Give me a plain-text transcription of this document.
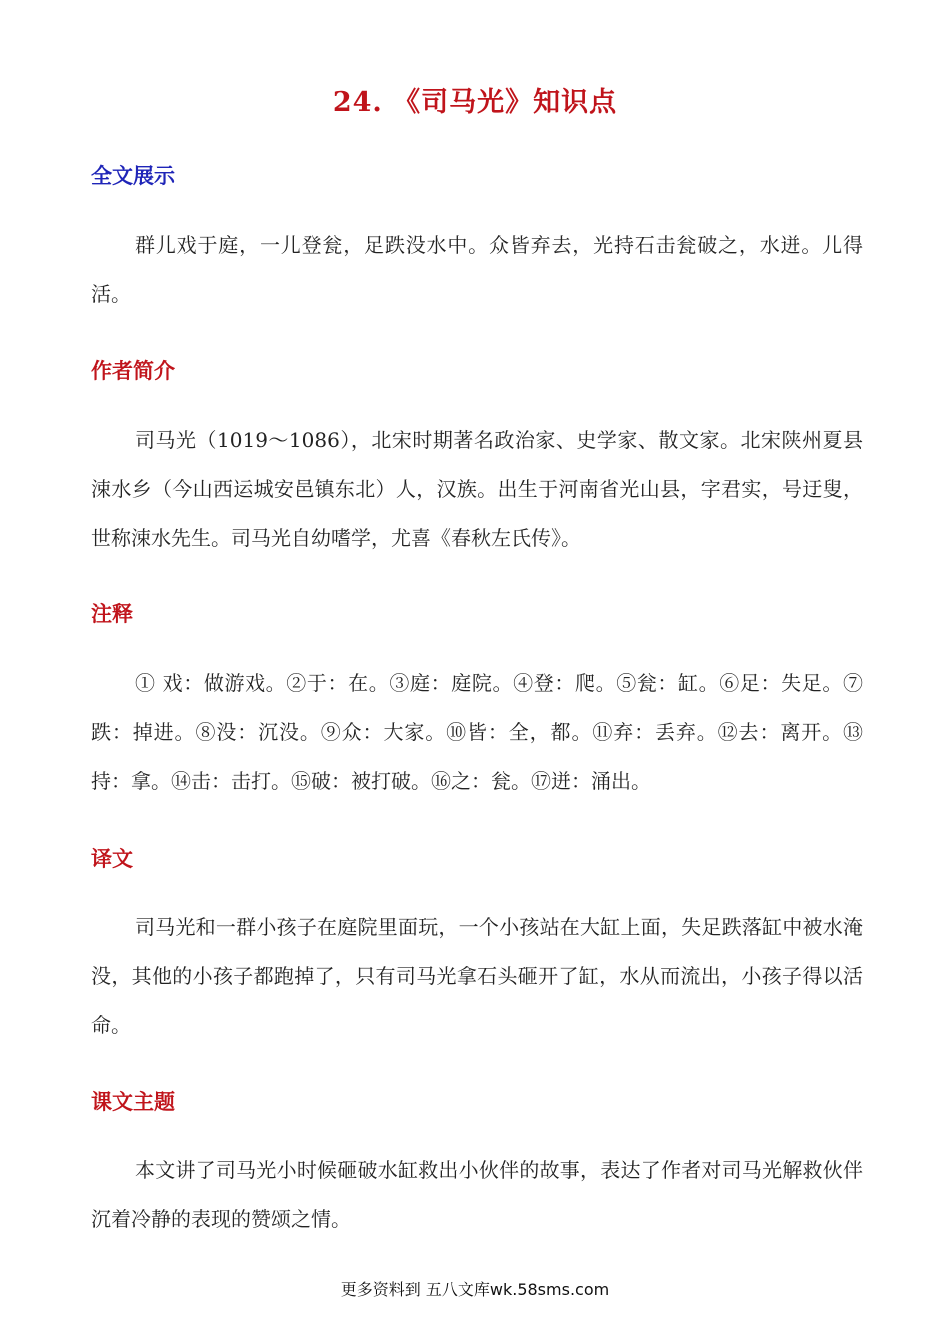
24. 《司马光》知识点
全文展示

群儿戏于庭，一儿登瓮，足跌没水中。众皆弃去，光持石击瓮破之，水迸。儿得活。

作者简介

司马光（1019～1086），北宋时期著名政治家、史学家、散文家。北宋陕州夏县涑水乡（今山西运城安邑镇东北）人，汉族。出生于河南省光山县，字君实，号迂叟，世称涑水先生。司马光自幼嗜学，尤喜《春秋左氏传》。

注释

① 戏：做游戏。②于：在。③庭：庭院。④登：爬。⑤瓮：缸。⑥足：失足。⑦跌：掉进。⑧没：沉没。⑨众：大家。⑩皆：全，都。⑪弃：丢弃。⑫去：离开。⑬持：拿。⑭击：击打。⑮破：被打破。⑯之：瓮。⑰迸：涌出。

译文

司马光和一群小孩子在庭院里面玩，一个小孩站在大缸上面，失足跌落缸中被水淹没，其他的小孩子都跑掉了，只有司马光拿石头砸开了缸，水从而流出，小孩子得以活命。

课文主题

本文讲了司马光小时候砸破水缸救出小伙伴的故事，表达了作者对司马光解救伙伴沉着冷静的表现的赞颂之情。

更多资料到 五八文库wk.58sms.com
